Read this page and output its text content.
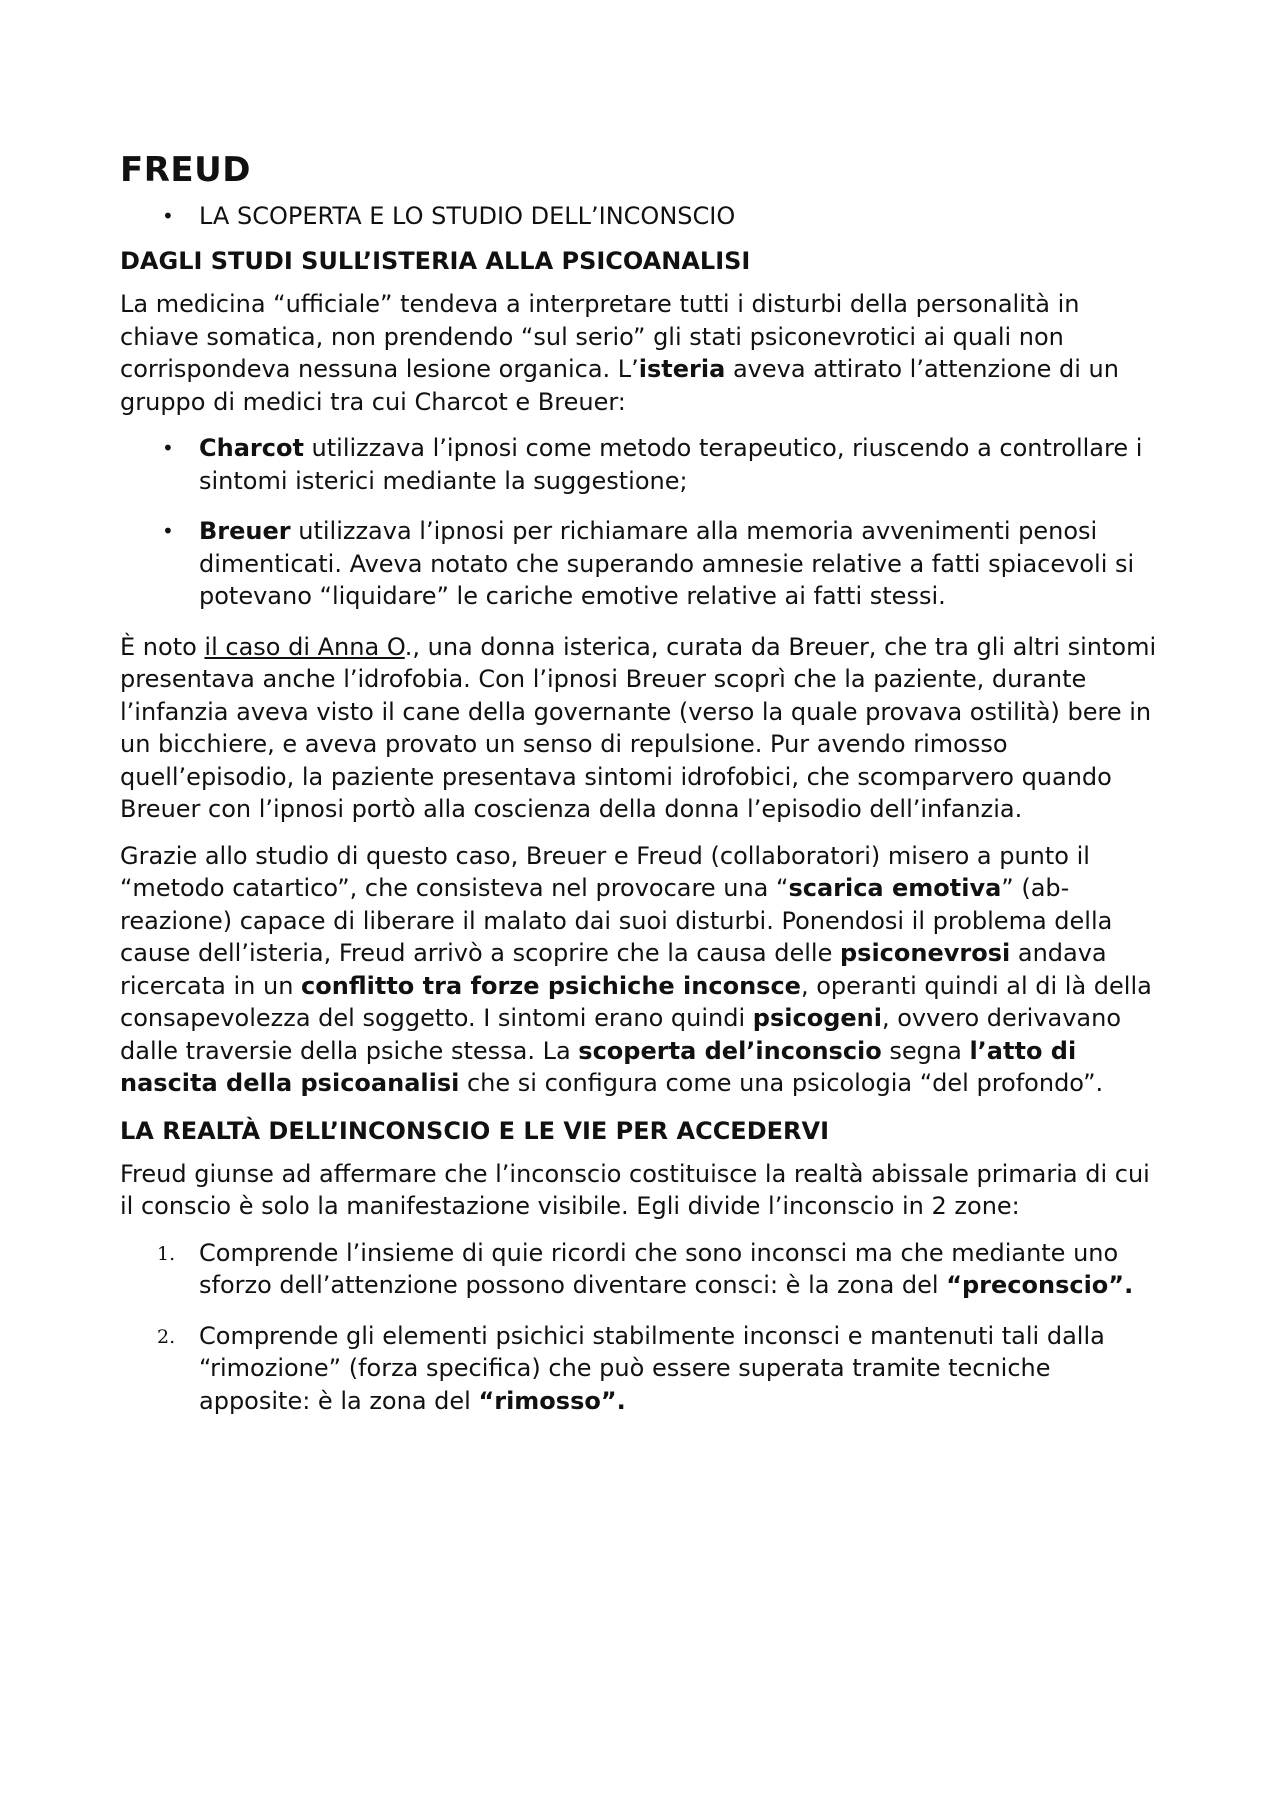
FREUD
• LA SCOPERTA E LO STUDIO DELL’INCONSCIO
DAGLI STUDI SULL’ISTERIA ALLA PSICOANALISI

La medicina “ufficiale” tendeva a interpretare tutti i disturbi della personalità in chiave somatica, non prendendo “sul serio” gli stati psiconevrotici ai quali non corrispondeva nessuna lesione organica. L’isteria aveva attirato l’attenzione di un gruppo di medici tra cui Charcot e Breuer:

• Charcot utilizzava l’ipnosi come metodo terapeutico, riuscendo a controllare i sintomi isterici mediante la suggestione;
• Breuer utilizzava l’ipnosi per richiamare alla memoria avvenimenti penosi dimenticati. Aveva notato che superando amnesie relative a fatti spiacevoli si potevano “liquidare” le cariche emotive relative ai fatti stessi.

È noto il caso di Anna O., una donna isterica, curata da Breuer, che tra gli altri sintomi presentava anche l’idrofobia. Con l’ipnosi Breuer scoprì che la paziente, durante l’infanzia aveva visto il cane della governante (verso la quale provava ostilità) bere in un bicchiere, e aveva provato un senso di repulsione. Pur avendo rimosso quell’episodio, la paziente presentava sintomi idrofobici, che scomparvero quando Breuer con l’ipnosi portò alla coscienza della donna l’episodio dell’infanzia.

Grazie allo studio di questo caso, Breuer e Freud (collaboratori) misero a punto il “metodo catartico”, che consisteva nel provocare una “scarica emotiva” (ab-reazione) capace di liberare il malato dai suoi disturbi. Ponendosi il problema della cause dell’isteria, Freud arrivò a scoprire che la causa delle psiconevrosi andava ricercata in un conflitto tra forze psichiche inconsce, operanti quindi al di là della consapevolezza del soggetto. I sintomi erano quindi psicogeni, ovvero derivavano dalle traversie della psiche stessa. La scoperta del’inconscio segna l’atto di nascita della psicoanalisi che si configura come una psicologia “del profondo”.

LA REALTÀ DELL’INCONSCIO E LE VIE PER ACCEDERVI

Freud giunse ad affermare che l’inconscio costituisce la realtà abissale primaria di cui il conscio è solo la manifestazione visibile. Egli divide l’inconscio in 2 zone:

1. Comprende l’insieme di quie ricordi che sono inconsci ma che mediante uno sforzo dell’attenzione possono diventare consci: è la zona del “preconscio”.
2. Comprende gli elementi psichici stabilmente inconsci e mantenuti tali dalla “rimozione” (forza specifica) che può essere superata tramite tecniche apposite: è la zona del “rimosso”.
